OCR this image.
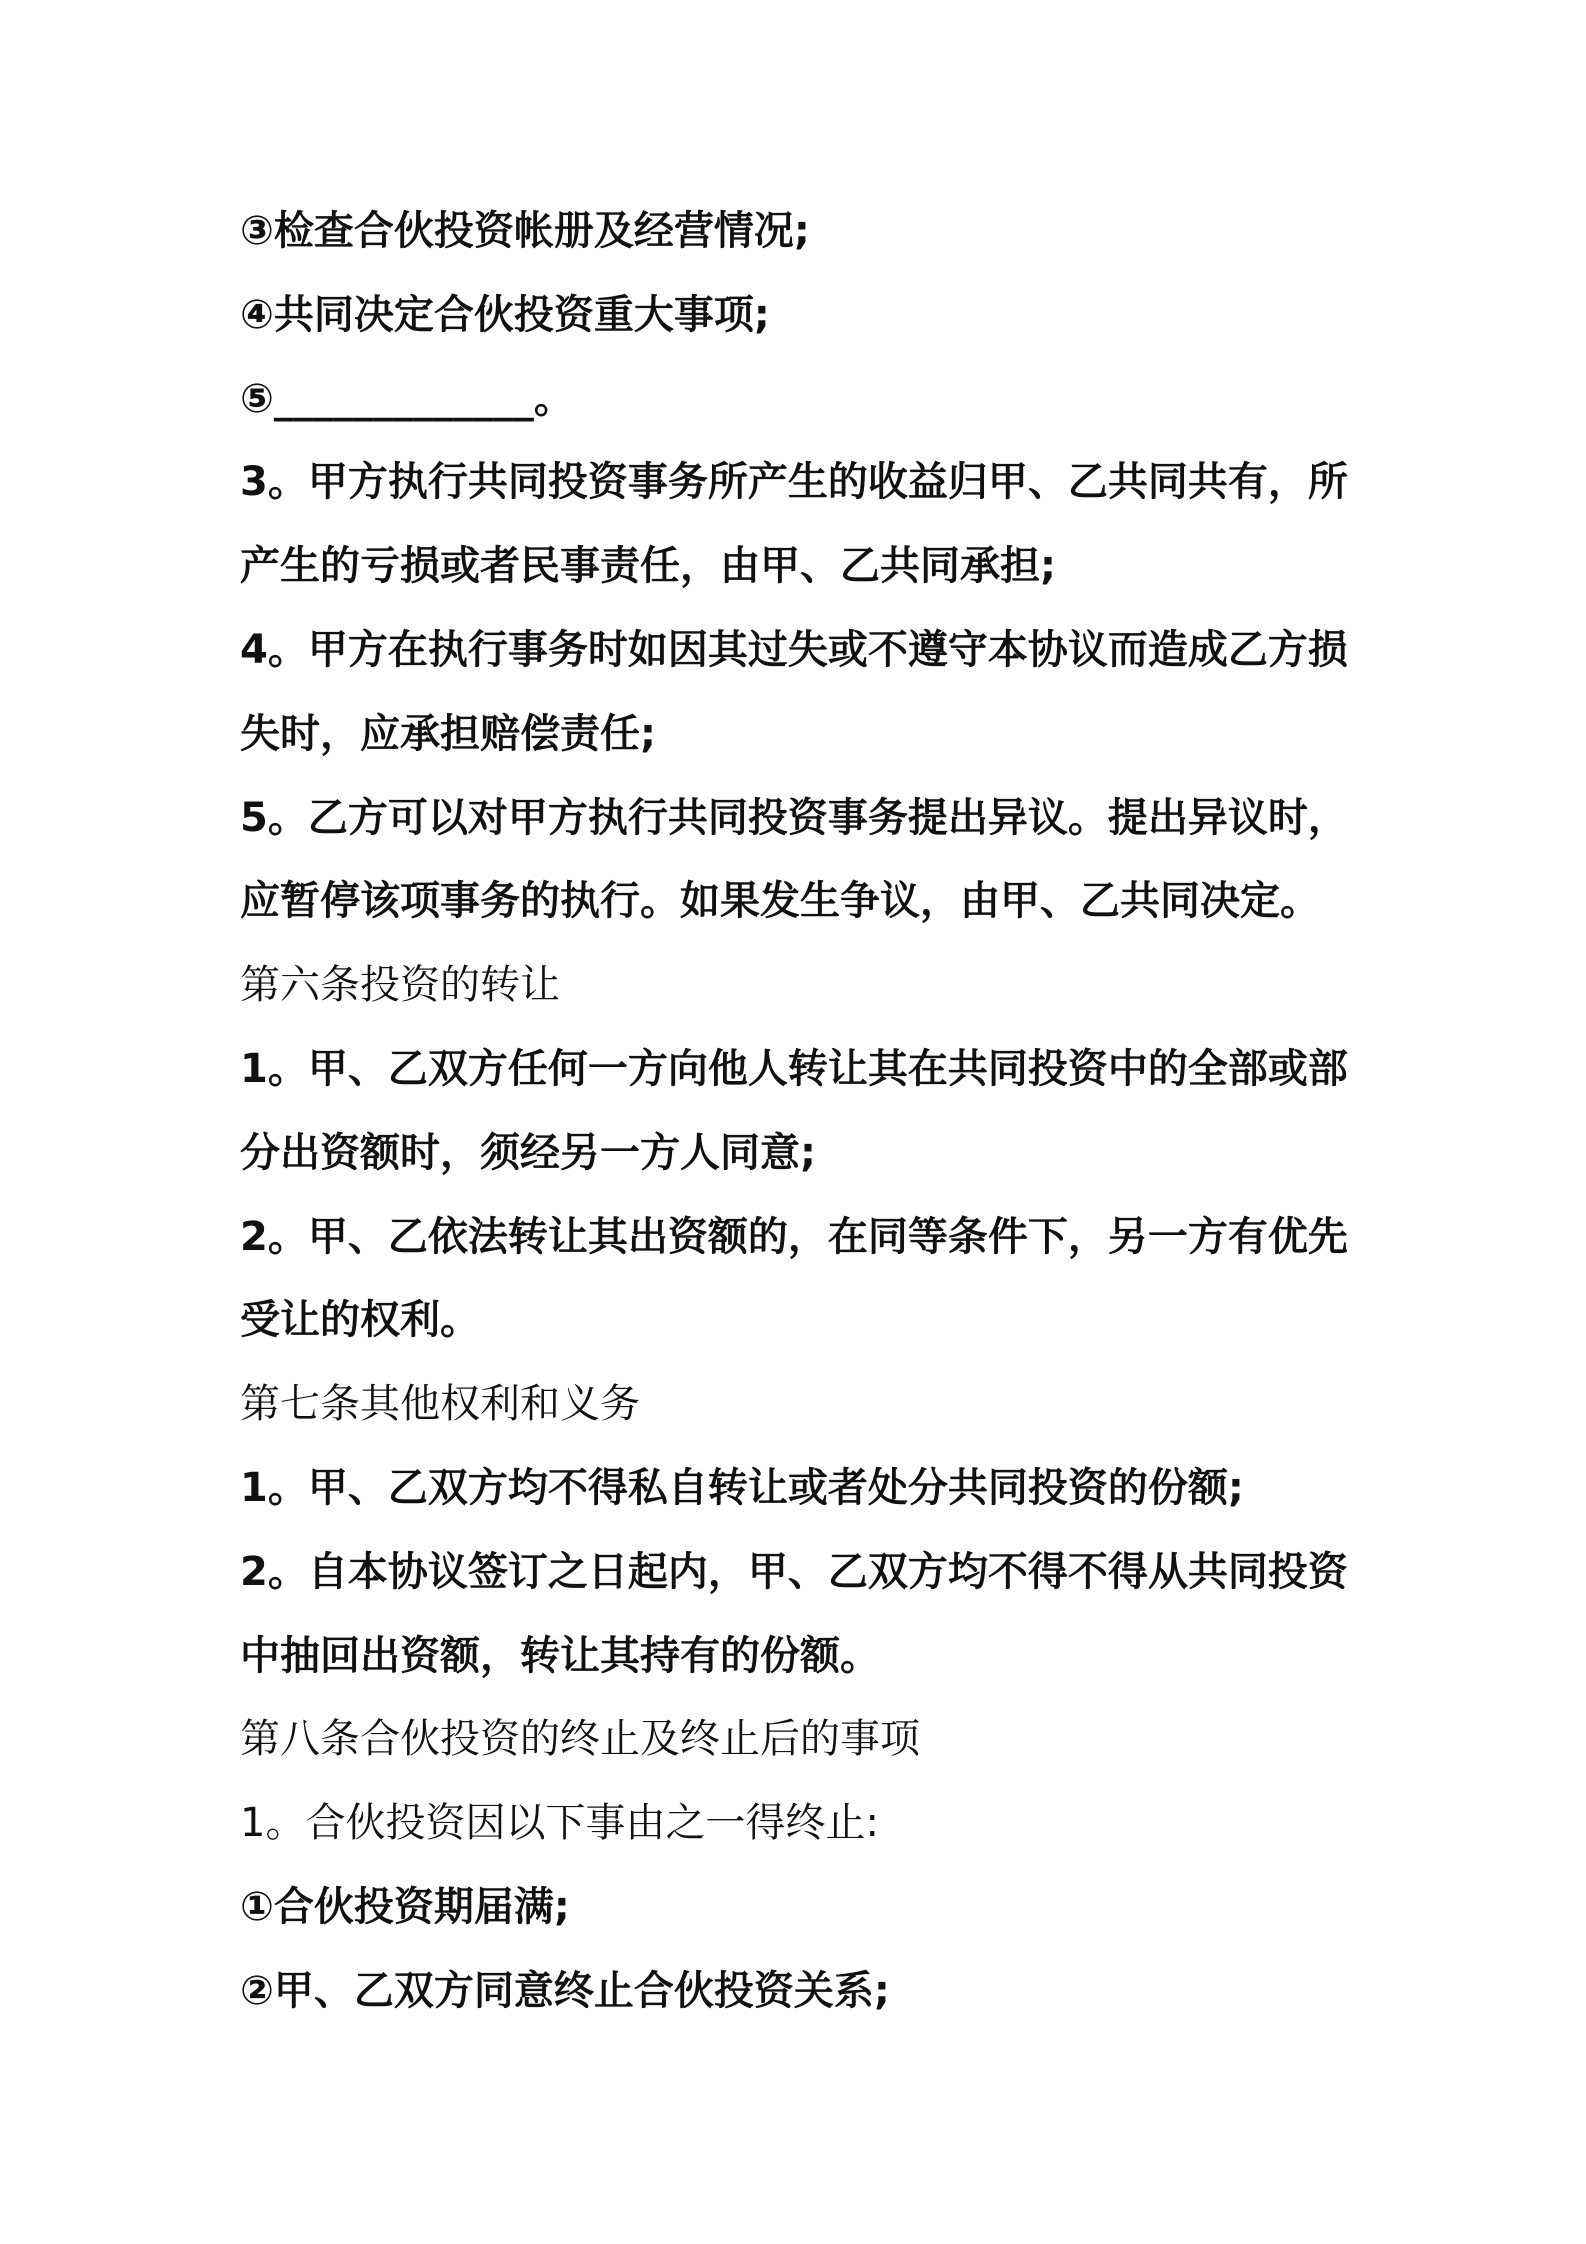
③检查合伙投资帐册及经营情况;
④共同决定合伙投资重大事项;
⑤_____________。
3。甲方执行共同投资事务所产生的收益归甲、乙共同共有，所
产生的亏损或者民事责任，由甲、乙共同承担;
4。甲方在执行事务时如因其过失或不遵守本协议而造成乙方损
失时，应承担赔偿责任;
5。乙方可以对甲方执行共同投资事务提出异议。提出异议时，
应暂停该项事务的执行。如果发生争议，由甲、乙共同决定。
第六条投资的转让
1。甲、乙双方任何一方向他人转让其在共同投资中的全部或部
分出资额时，须经另一方人同意;
2。甲、乙依法转让其出资额的，在同等条件下，另一方有优先
受让的权利。
第七条其他权利和义务
1。甲、乙双方均不得私自转让或者处分共同投资的份额;
2。自本协议签订之日起内，甲、乙双方均不得不得从共同投资
中抽回出资额，转让其持有的份额。
第八条合伙投资的终止及终止后的事项
1。合伙投资因以下事由之一得终止:
①合伙投资期届满;
②甲、乙双方同意终止合伙投资关系;
